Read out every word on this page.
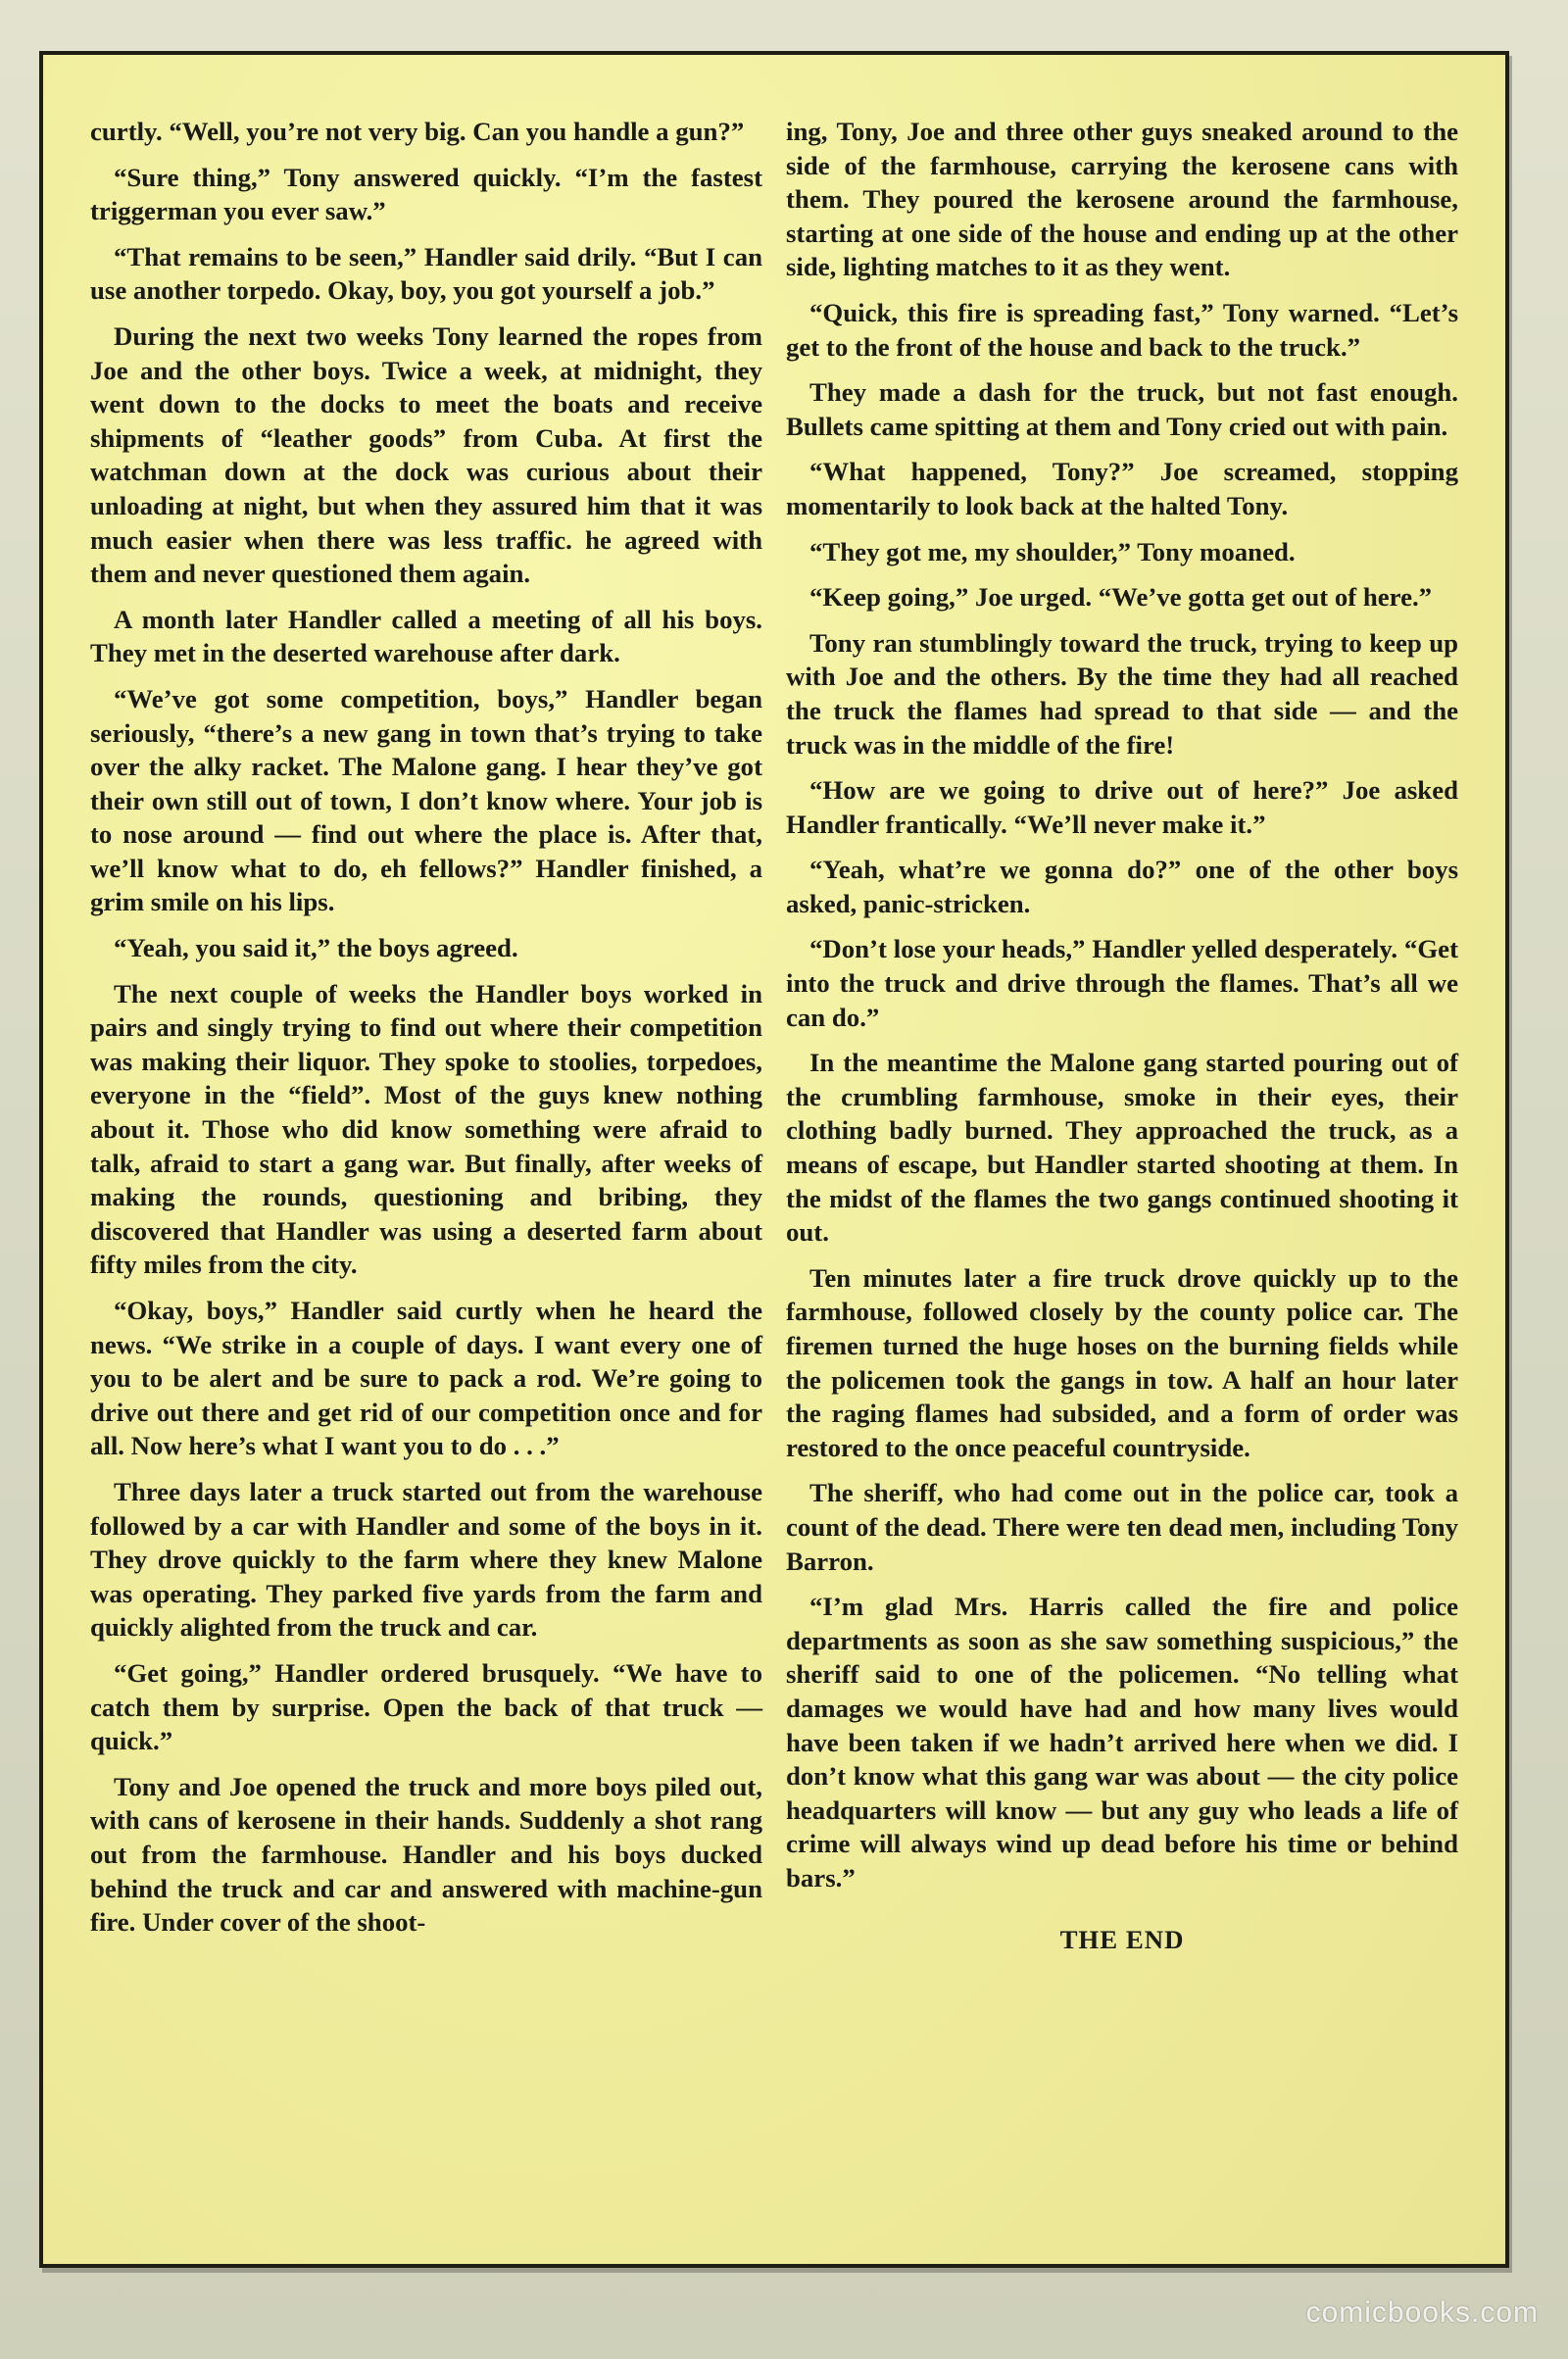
curtly. “Well, you’re not very big. Can you handle a gun?”

“Sure thing,” Tony answered quickly. “I’m the fastest triggerman you ever saw.”

“That remains to be seen,” Handler said drily. “But I can use another torpedo. Okay, boy, you got yourself a job.”

During the next two weeks Tony learned the ropes from Joe and the other boys. Twice a week, at midnight, they went down to the docks to meet the boats and receive shipments of “leather goods” from Cuba. At first the watchman down at the dock was curious about their unloading at night, but when they assured him that it was much easier when there was less traffic. he agreed with them and never questioned them again.

A month later Handler called a meeting of all his boys. They met in the deserted warehouse after dark.

“We’ve got some competition, boys,” Handler began seriously, “there’s a new gang in town that’s trying to take over the alky racket. The Malone gang. I hear they’ve got their own still out of town, I don’t know where. Your job is to nose around — find out where the place is. After that, we’ll know what to do, eh fellows?” Handler finished, a grim smile on his lips.

“Yeah, you said it,” the boys agreed.

The next couple of weeks the Handler boys worked in pairs and singly trying to find out where their competition was making their liquor. They spoke to stoolies, torpedoes, everyone in the “field”. Most of the guys knew nothing about it. Those who did know something were afraid to talk, afraid to start a gang war. But finally, after weeks of making the rounds, questioning and bribing, they discovered that Handler was using a deserted farm about fifty miles from the city.

“Okay, boys,” Handler said curtly when he heard the news. “We strike in a couple of days. I want every one of you to be alert and be sure to pack a rod. We’re going to drive out there and get rid of our competition once and for all. Now here’s what I want you to do . . .”

Three days later a truck started out from the warehouse followed by a car with Handler and some of the boys in it. They drove quickly to the farm where they knew Malone was operating. They parked five yards from the farm and quickly alighted from the truck and car.

“Get going,” Handler ordered brusquely. “We have to catch them by surprise. Open the back of that truck — quick.”

Tony and Joe opened the truck and more boys piled out, with cans of kerosene in their hands. Suddenly a shot rang out from the farmhouse. Handler and his boys ducked behind the truck and car and answered with machine-gun fire. Under cover of the shoot-

ing, Tony, Joe and three other guys sneaked around to the side of the farmhouse, carrying the kerosene cans with them. They poured the kerosene around the farmhouse, starting at one side of the house and ending up at the other side, lighting matches to it as they went.

“Quick, this fire is spreading fast,” Tony warned. “Let’s get to the front of the house and back to the truck.”

They made a dash for the truck, but not fast enough. Bullets came spitting at them and Tony cried out with pain.

“What happened, Tony?” Joe screamed, stopping momentarily to look back at the halted Tony.

“They got me, my shoulder,” Tony moaned.

“Keep going,” Joe urged. “We’ve gotta get out of here.”

Tony ran stumblingly toward the truck, trying to keep up with Joe and the others. By the time they had all reached the truck the flames had spread to that side — and the truck was in the middle of the fire!

“How are we going to drive out of here?” Joe asked Handler frantically. “We’ll never make it.”

“Yeah, what’re we gonna do?” one of the other boys asked, panic-stricken.

“Don’t lose your heads,” Handler yelled desperately. “Get into the truck and drive through the flames. That’s all we can do.”

In the meantime the Malone gang started pouring out of the crumbling farmhouse, smoke in their eyes, their clothing badly burned. They approached the truck, as a means of escape, but Handler started shooting at them. In the midst of the flames the two gangs continued shooting it out.

Ten minutes later a fire truck drove quickly up to the farmhouse, followed closely by the county police car. The firemen turned the huge hoses on the burning fields while the policemen took the gangs in tow. A half an hour later the raging flames had subsided, and a form of order was restored to the once peaceful countryside.

The sheriff, who had come out in the police car, took a count of the dead. There were ten dead men, including Tony Barron.

“I’m glad Mrs. Harris called the fire and police departments as soon as she saw something suspicious,” the sheriff said to one of the policemen. “No telling what damages we would have had and how many lives would have been taken if we hadn’t arrived here when we did. I don’t know what this gang war was about — the city police headquarters will know — but any guy who leads a life of crime will always wind up dead before his time or behind bars.”

THE END

comicbooks.com
